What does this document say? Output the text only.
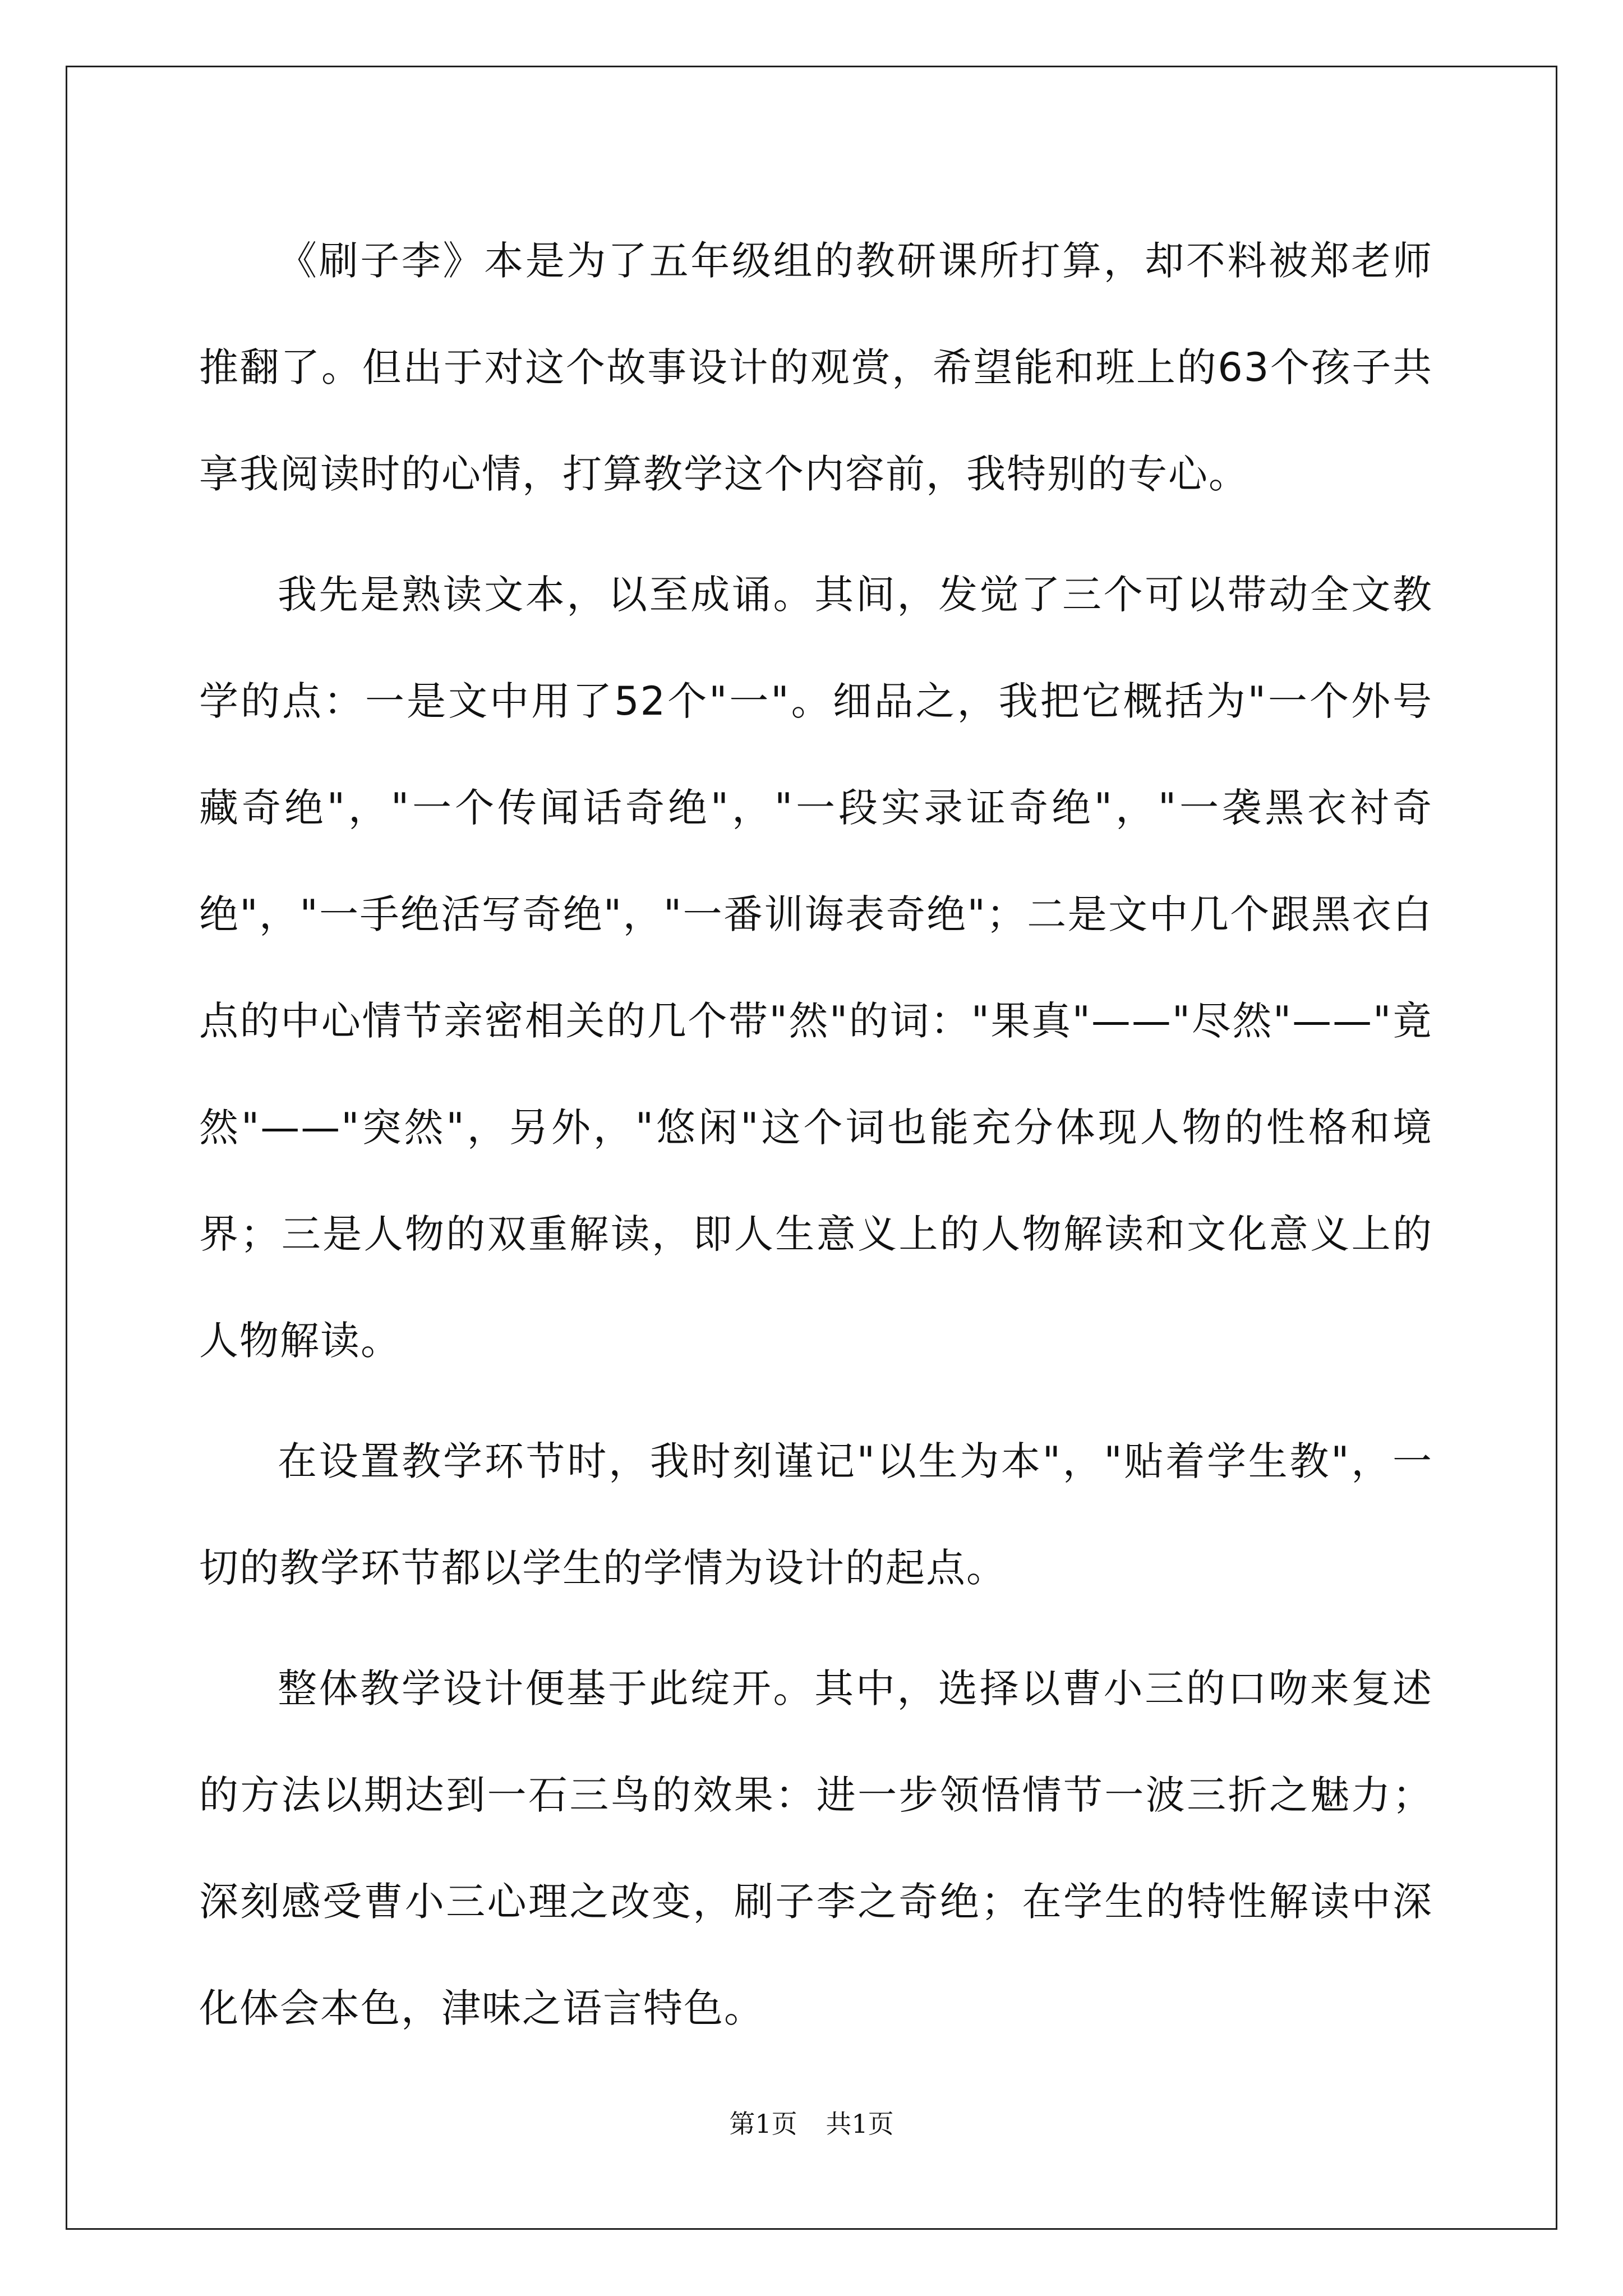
《刷子李》本是为了五年级组的教研课所打算，却不料被郑老师推翻了。但出于对这个故事设计的观赏，希望能和班上的63个孩子共享我阅读时的心情，打算教学这个内容前，我特别的专心。

我先是熟读文本，以至成诵。其间，发觉了三个可以带动全文教学的点：一是文中用了52个"一"。细品之，我把它概括为"一个外号藏奇绝"，"一个传闻话奇绝"，"一段实录证奇绝"，"一袭黑衣衬奇绝"，"一手绝活写奇绝"，"一番训诲表奇绝"；二是文中几个跟黑衣白点的中心情节亲密相关的几个带"然"的词："果真"——"尽然"——"竟然"——"突然"，另外，"悠闲"这个词也能充分体现人物的性格和境界；三是人物的双重解读，即人生意义上的人物解读和文化意义上的人物解读。

在设置教学环节时，我时刻谨记"以生为本"，"贴着学生教"，一切的教学环节都以学生的学情为设计的起点。

整体教学设计便基于此绽开。其中，选择以曹小三的口吻来复述的方法以期达到一石三鸟的效果：进一步领悟情节一波三折之魅力；深刻感受曹小三心理之改变，刷子李之奇绝；在学生的特性解读中深化体会本色，津味之语言特色。

第1页 共1页
